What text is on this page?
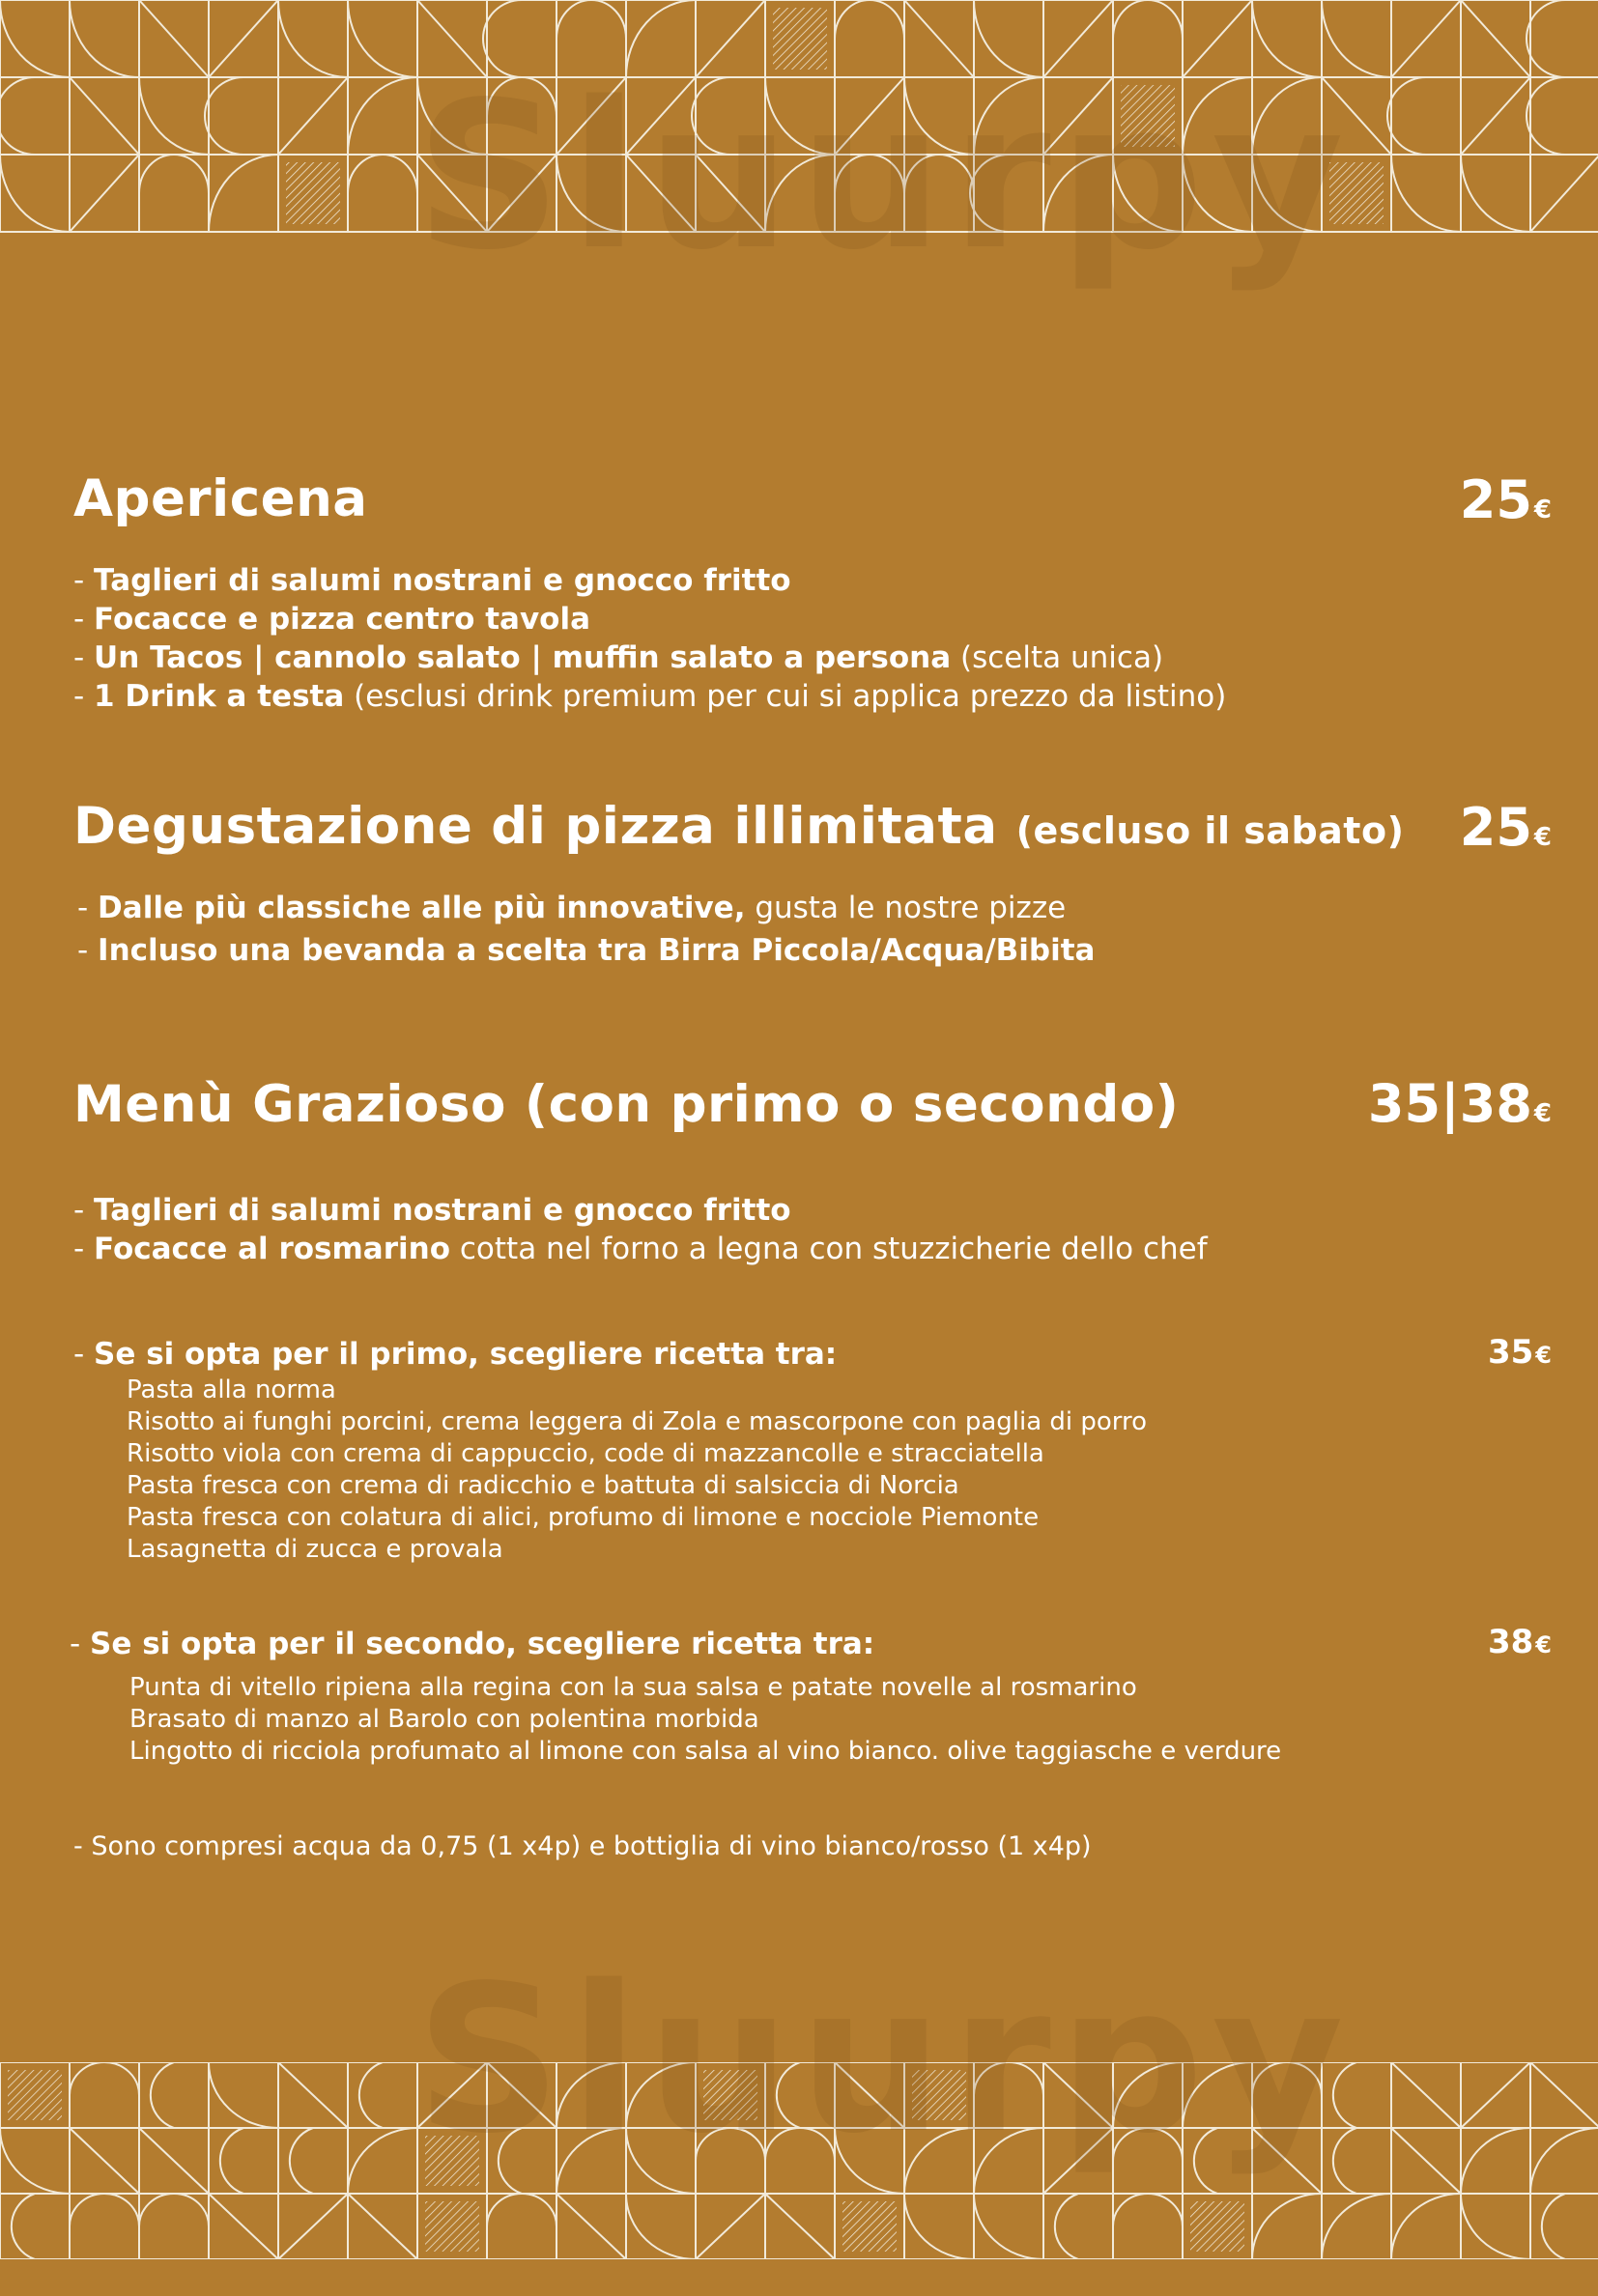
Sluurpy
Sluurpy
Apericena	25€
- Taglieri di salumi nostrani e gnocco fritto
- Focacce e pizza centro tavola
- Un Tacos | cannolo salato | muffin salato a persona (scelta unica)
- 1 Drink a testa (esclusi drink premium per cui si applica prezzo da listino)
Degustazione di pizza illimitata (escluso il sabato) 25€
- Dalle più classiche alle più innovative, gusta le nostre pizze
- Incluso una bevanda a scelta tra Birra Piccola/Acqua/Bibita
Menù Grazioso (con primo o secondo)	35|38€
- Taglieri di salumi nostrani e gnocco fritto
- Focacce al rosmarino cotta nel forno a legna con stuzzicherie dello chef
- Se si opta per il primo, scegliere ricetta tra:	35€
Pasta alla norma
Risotto ai funghi porcini, crema leggera di Zola e mascorpone con paglia di porro
Risotto viola con crema di cappuccio, code di mazzancolle e stracciatella
Pasta fresca con crema di radicchio e battuta di salsiccia di Norcia
Pasta fresca con colatura di alici, profumo di limone e nocciole Piemonte
Lasagnetta di zucca e provala
- Se si opta per il secondo, scegliere ricetta tra:	38€
Punta di vitello ripiena alla regina con la sua salsa e patate novelle al rosmarino
Brasato di manzo al Barolo con polentina morbida
Lingotto di ricciola profumato al limone con salsa al vino bianco. olive taggiasche e verdure
- Sono compresi acqua da 0,75 (1 x4p) e bottiglia di vino bianco/rosso (1 x4p)
